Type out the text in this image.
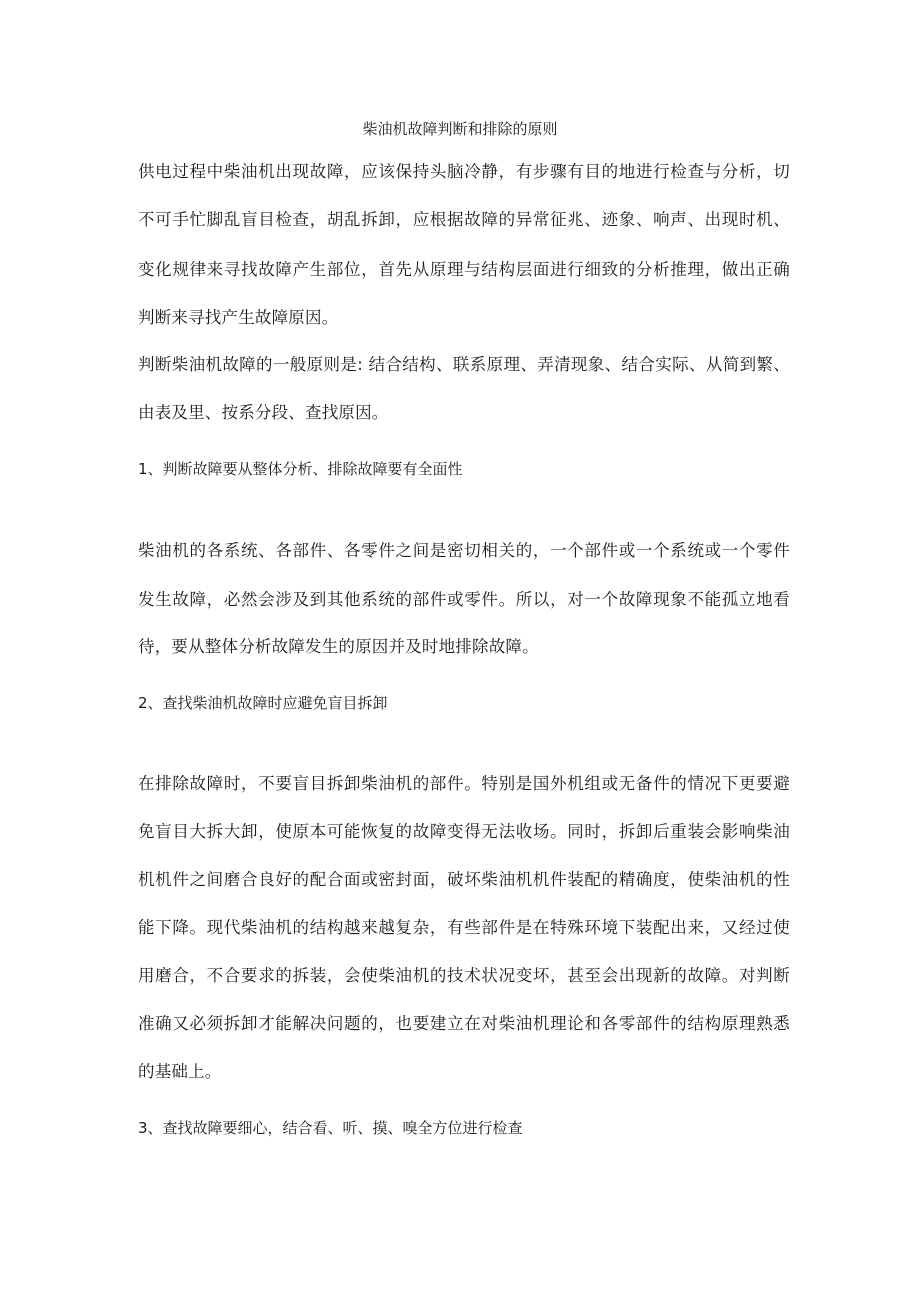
柴油机故障判断和排除的原则
供电过程中柴油机出现故障，应该保持头脑冷静，有步骤有目的地进行检查与分析，切
不可手忙脚乱盲目检查，胡乱拆卸，应根据故障的异常征兆、迹象、响声、出现时机、
变化规律来寻找故障产生部位，首先从原理与结构层面进行细致的分析推理，做出正确
判断来寻找产生故障原因。
判断柴油机故障的一般原则是: 结合结构、联系原理、弄清现象、结合实际、从简到繁、
由表及里、按系分段、查找原因。
1、判断故障要从整体分析、排除故障要有全面性
柴油机的各系统、各部件、各零件之间是密切相关的，一个部件或一个系统或一个零件
发生故障，必然会涉及到其他系统的部件或零件。所以，对一个故障现象不能孤立地看
待，要从整体分析故障发生的原因并及时地排除故障。
2、查找柴油机故障时应避免盲目拆卸
在排除故障时，不要盲目拆卸柴油机的部件。特别是国外机组或无备件的情况下更要避
免盲目大拆大卸，使原本可能恢复的故障变得无法收场。同时，拆卸后重装会影响柴油
机机件之间磨合良好的配合面或密封面，破坏柴油机机件装配的精确度，使柴油机的性
能下降。现代柴油机的结构越来越复杂，有些部件是在特殊环境下装配出来，又经过使
用磨合，不合要求的拆装，会使柴油机的技术状况变坏，甚至会出现新的故障。对判断
准确又必须拆卸才能解决问题的，也要建立在对柴油机理论和各零部件的结构原理熟悉
的基础上。
3、查找故障要细心，结合看、听、摸、嗅全方位进行检查
